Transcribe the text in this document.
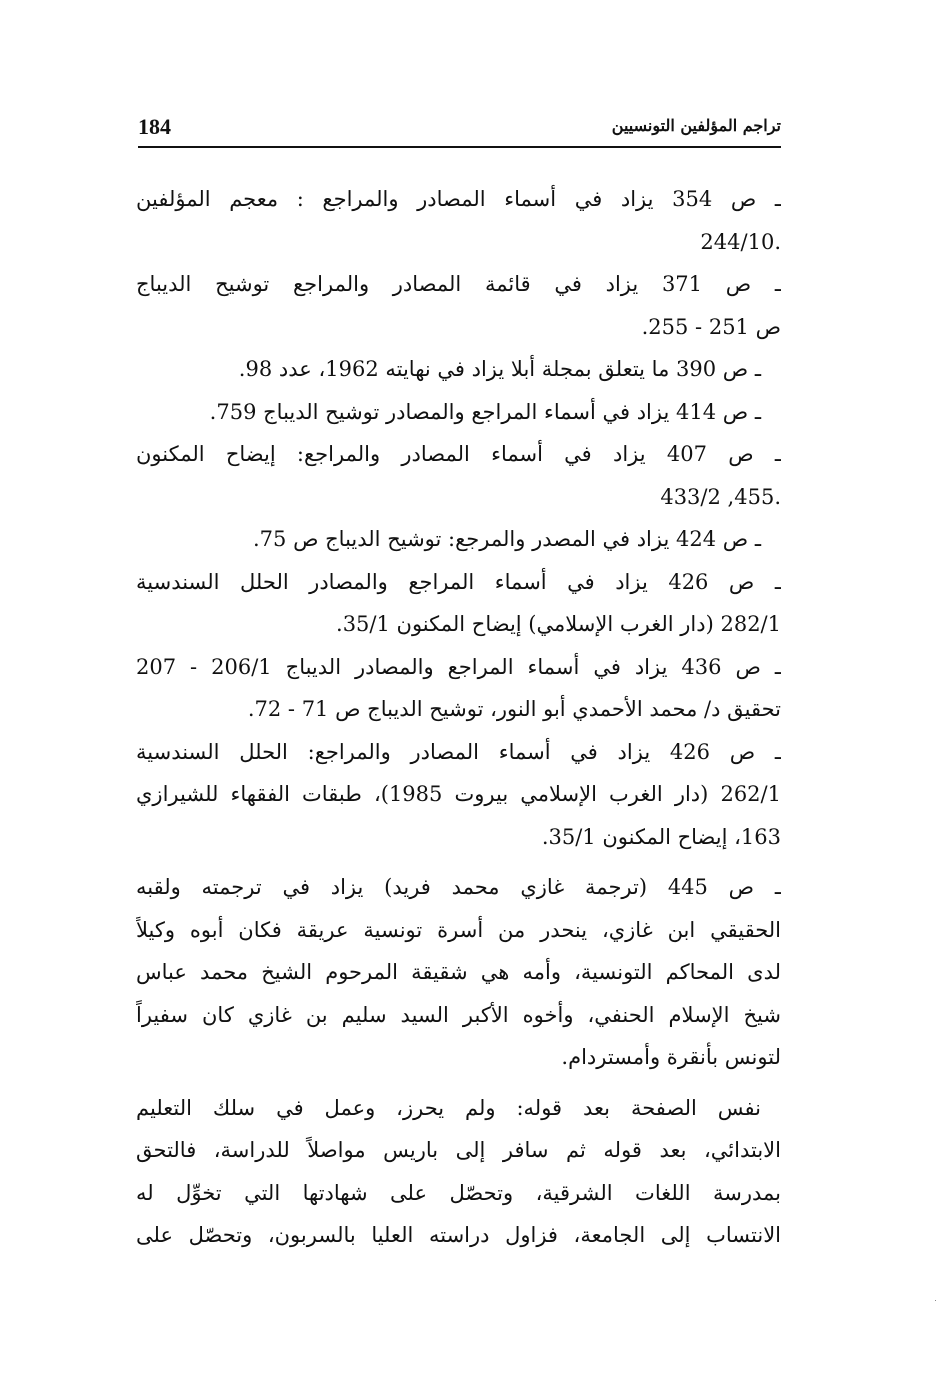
184	تراجم المؤلفين التونسيين
ـ ص 354 يزاد في أسماء المصادر والمراجع : معجم المؤلفين
.244/10
ـ ص 371 يزاد في قائمة المصادر والمراجع توشيح الديباج
ص 251 - 255.
ـ ص 390 ما يتعلق بمجلة أبلا يزاد في نهايته 1962، عدد 98.
ـ ص 414 يزاد في أسماء المراجع والمصادر توشيح الديباج 759.
ـ ص 407 يزاد في أسماء المصادر والمراجع: إيضاح المكنون
.455, 433/2
ـ ص 424 يزاد في المصدر والمرجع: توشيح الديباج ص 75.
ـ ص 426 يزاد في أسماء المراجع والمصادر الحلل السندسية
282/1 (دار الغرب الإسلامي) إيضاح المكنون 35/1.
ـ ص 436 يزاد في أسماء المراجع والمصادر الديباج 206/1 - 207
تحقيق د/ محمد الأحمدي أبو النور، توشيح الديباج ص 71 - 72.
ـ ص 426 يزاد في أسماء المصادر والمراجع: الحلل السندسية
262/1 (دار الغرب الإسلامي بيروت 1985)، طبقات الفقهاء للشيرازي
163، إيضاح المكنون 35/1.
ـ ص 445 (ترجمة غازي محمد فريد) يزاد في ترجمته ولقبه
الحقيقي ابن غازي، ينحدر من أسرة تونسية عريقة فكان أبوه وكيلاً
لدى المحاكم التونسية، وأمه هي شقيقة المرحوم الشيخ محمد عباس
شيخ الإسلام الحنفي، وأخوه الأكبر السيد سليم بن غازي كان سفيراً
لتونس بأنقرة وأمستردام.
نفس الصفحة بعد قوله: ولم يحرز، وعمل في سلك التعليم
الابتدائي، بعد قوله ثم سافر إلى باريس مواصلاً للدراسة، فالتحق
بمدرسة اللغات الشرقية، وتحصّل على شهادتها التي تخوِّل له
الانتساب إلى الجامعة، فزاول دراسته العليا بالسربون، وتحصّل على
